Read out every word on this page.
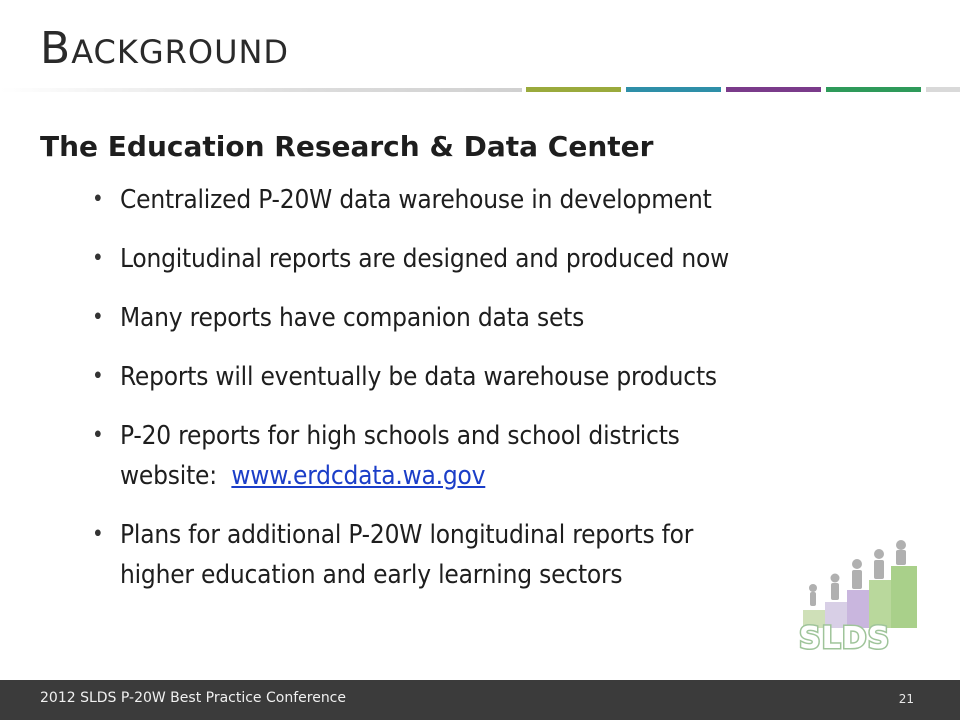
BACKGROUND
The Education Research & Data Center
• Centralized P-20W data warehouse in development
• Longitudinal reports are designed and produced now
• Many reports have companion data sets
• Reports will eventually be data warehouse products
• P-20 reports for high schools and school districts
website:  www.erdcdata.wa.gov
• Plans for additional P-20W longitudinal reports for
higher education and early learning sectors
SLDS
2012 SLDS P-20W Best Practice Conference	21
